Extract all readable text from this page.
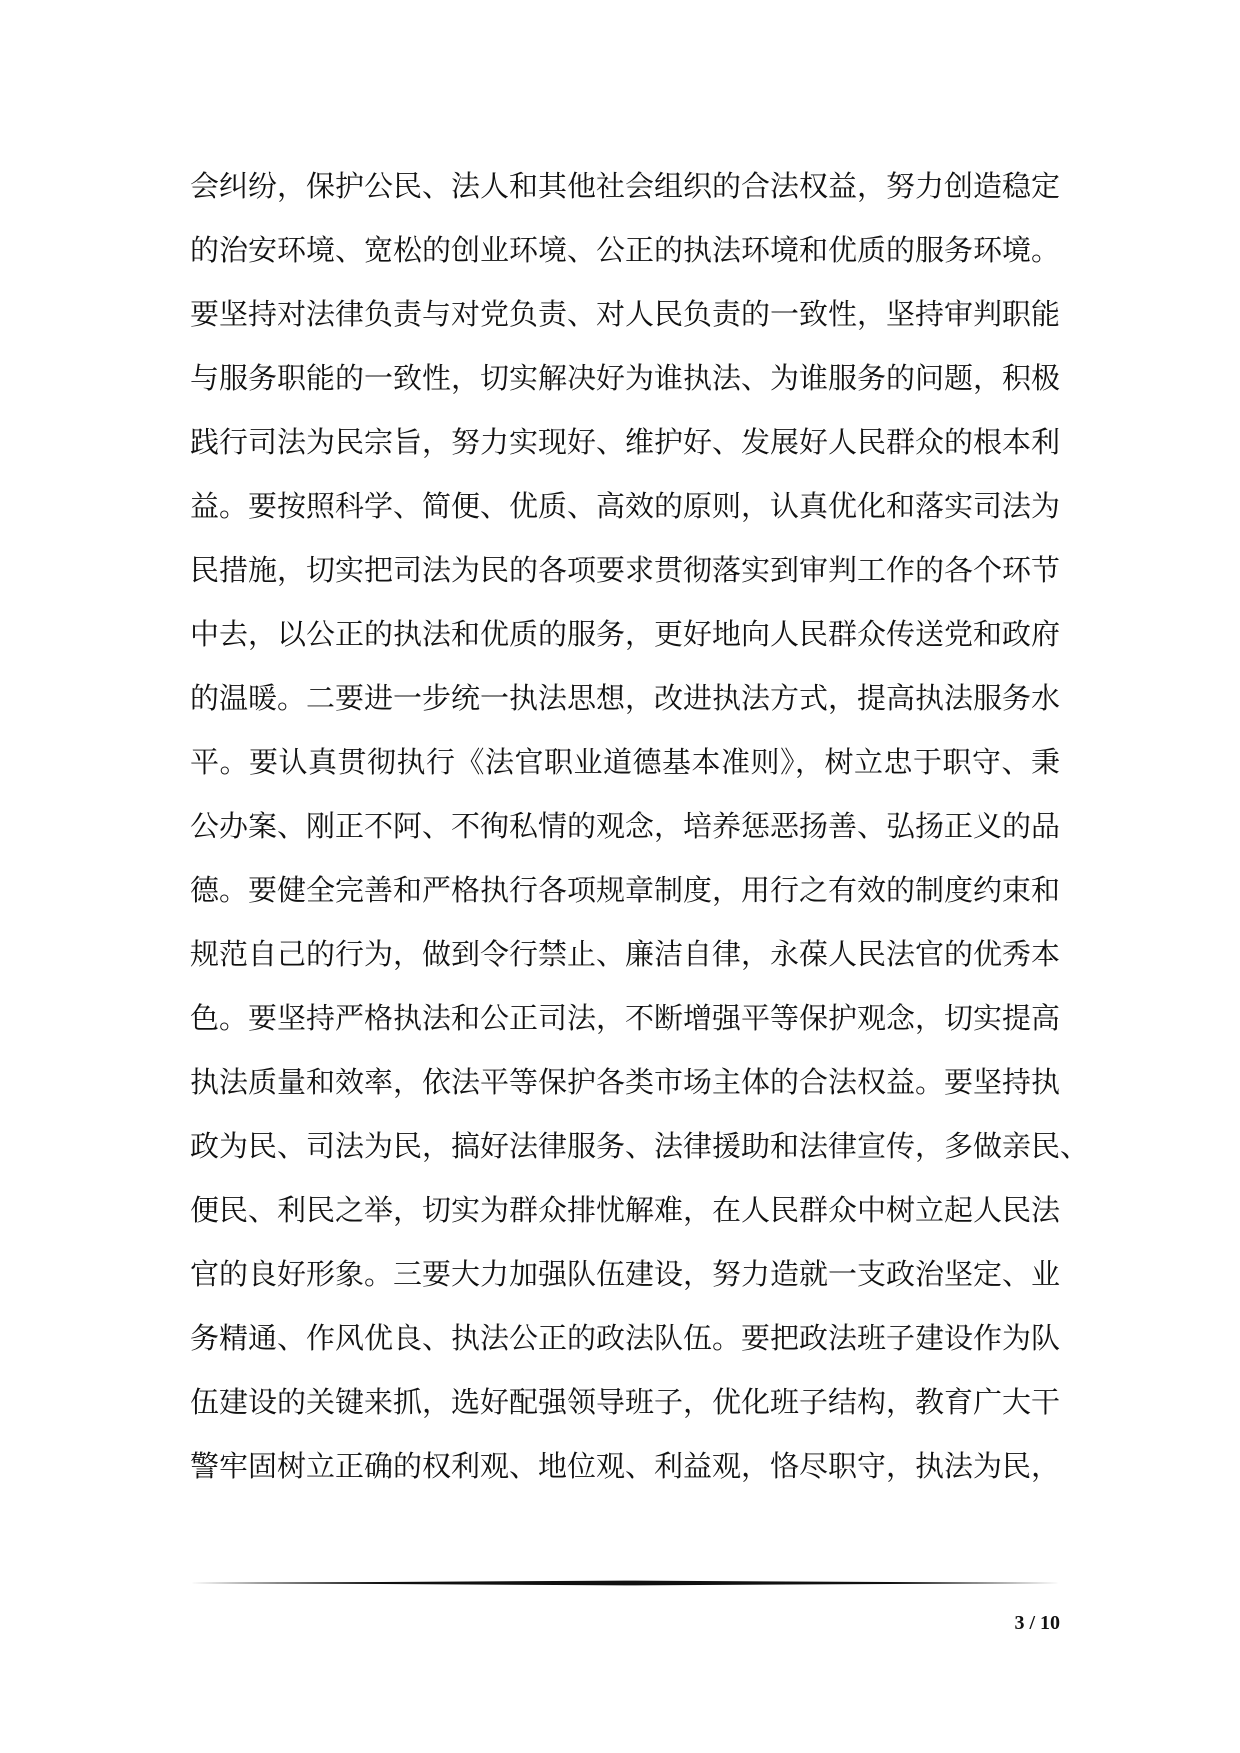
会纠纷，保护公民、法人和其他社会组织的合法权益，努力创造稳定
的治安环境、宽松的创业环境、公正的执法环境和优质的服务环境。
要坚持对法律负责与对党负责、对人民负责的一致性，坚持审判职能
与服务职能的一致性，切实解决好为谁执法、为谁服务的问题，积极
践行司法为民宗旨，努力实现好、维护好、发展好人民群众的根本利
益。要按照科学、简便、优质、高效的原则，认真优化和落实司法为
民措施，切实把司法为民的各项要求贯彻落实到审判工作的各个环节
中去，以公正的执法和优质的服务，更好地向人民群众传送党和政府
的温暖。二要进一步统一执法思想，改进执法方式，提高执法服务水
平。要认真贯彻执行《法官职业道德基本准则》，树立忠于职守、秉
公办案、刚正不阿、不徇私情的观念，培养惩恶扬善、弘扬正义的品
德。要健全完善和严格执行各项规章制度，用行之有效的制度约束和
规范自己的行为，做到令行禁止、廉洁自律，永葆人民法官的优秀本
色。要坚持严格执法和公正司法，不断增强平等保护观念，切实提高
执法质量和效率，依法平等保护各类市场主体的合法权益。要坚持执
政为民、司法为民，搞好法律服务、法律援助和法律宣传，多做亲民、
便民、利民之举，切实为群众排忧解难，在人民群众中树立起人民法
官的良好形象。三要大力加强队伍建设，努力造就一支政治坚定、业
务精通、作风优良、执法公正的政法队伍。要把政法班子建设作为队
伍建设的关键来抓，选好配强领导班子，优化班子结构，教育广大干
警牢固树立正确的权利观、地位观、利益观，恪尽职守，执法为民，
3 / 10
